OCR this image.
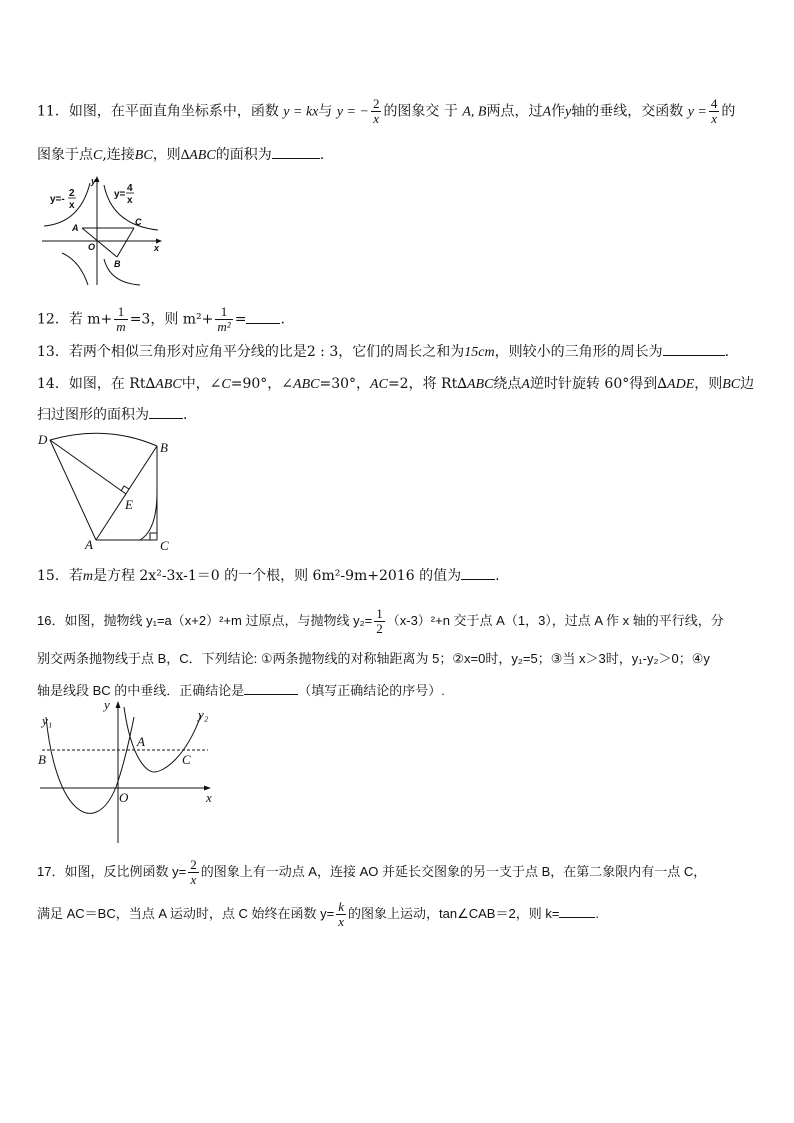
11．如图，在平面直角坐标系中，函数 y = kx与 y = − $\frac{2}{x}$ 的图象交 于 A, B两点，过A作y轴的垂线，交函数 $y = \frac{4}{x}$ 的
图象于点C,连接BC，则∆ABC的面积为	.
y=-
2
x
y=
4
x
A
C
B
O	x
y
12．若 $m+ \frac{1}{m} =3$，则 $m^2+ \frac{1}{\text{m²}}$ = .
13．若两个相似三角形对应角平分线的比是2 : 3，它们的周长之和为15cm，则较小的三角形的周长为	.
14．如图，在 Rt∆ABC中，∠C=90°，∠ABC=30°，AC=2，将 Rt∆ABC绕点A逆时针旋转 60°得到∆ADE，则BC边
扫过图形的面积为 .
D
B
E
A	C
15．若m是方程 2x²-3x-1＝0 的一个根，则 6m²-9m+2016 的值为 .
16．如图，抛物线 y₁=a（x+2）²+m 过原点，与抛物线 $y_2= \frac{1}{2} (x-3)^2+n$ 交于点 A（1，3），过点 A 作 x 轴的平行线，分
别交两条抛物线于点 B，C．下列结论: ①两条抛物线的对称轴距离为 5；②x=0时，y₂=5；③当 x＞3时，y₁-y₂＞0；④y
轴是线段 BC 的中垂线．正确结论是	（填写正确结论的序号）.
y₁	y₂
y
A
B	C
O	x
17．如图，反比例函数 $y= \frac{2}{x}$ 的图象上有一动点 A，连接 AO 并延长交图象的另一支于点 B，在第二象限内有一点 C，
满足 AC＝BC，当点 A 运动时，点 C 始终在函数 $y= \frac{k}{x}$ 的图象上运动，tan∠CAB＝2，则 k=	.
